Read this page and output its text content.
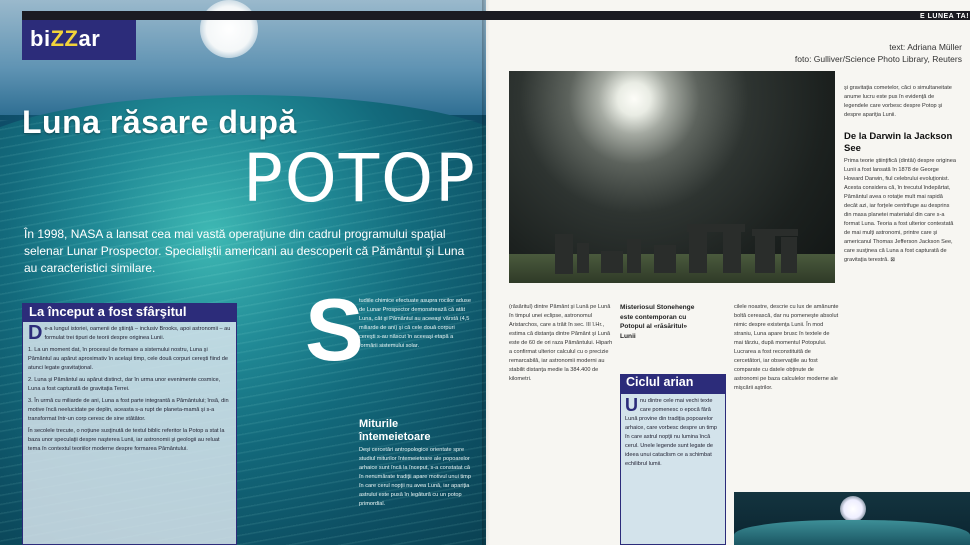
biZZar
Luna răsare după
POTOP
În 1998, NASA a lansat cea mai vastă operaţiune din cadrul programului spaţial selenar Lunar Prospector. Specialiştii americani au descoperit că Pământul şi Luna au caracteristici similare.
La început a fost sfârşitul
D e-a lungul istoriei, oamenii de ştiinţă – inclusiv Brooks, apoi astronomii – au formulat trei tipuri de teorii despre originea Lunii.

1. La un moment dat, în procesul de formare a sistemului nostru, Luna şi Pământul au apărut aproximativ în acelaşi timp, cele două corpuri cereşti fiind de atunci legate gravitaţional.

2. Luna şi Pământul au apărut distinct, dar în urma unor evenimente cosmice, Luna a fost capturată de gravitaţia Terrei.

3. În urmă cu miliarde de ani, Luna a fost parte integrantă a Pământului; însă, din motive încă neelucidate pe deplin, aceasta s-a rupt de planeta-mamă şi s-a transformat într-un corp ceresc de sine stătător.

În secolele trecute, o noţiune susţinută de textul biblic referitor la Potop a stat la baza unor speculaţii despre naşterea Lunii, iar astronomii şi geologii au reluat tema în contextul teoriilor moderne despre formarea Pământului.

S
tudiile chimice efectuate asupra rocilor aduse de Lunar Prospector demonstrează că atât Luna, cât şi Pământul au aceeaşi vârstă (4,5 miliarde de ani) şi că cele două corpuri cereşti s-au născut în aceeaşi etapă a formării sistemului solar.
Miturile întemeietoare
Deşi cercetări antropologice orientate spre studiul miturilor întemeietoare ale popoarelor arhaice sunt încă la început, s-a constatat că în nenumărate tradiţii apare motivul unui timp în care cerul nopţii nu avea Lună, iar apariţia astrului este pusă în legătură cu un potop primordial.
E LUNEA TA!
text: Adriana Müller
foto: Gulliver/Science Photo Library, Reuters
(răsăritul) dintre Pământ şi Lună pe Lună în timpul unei eclipse, astronomul Aristarchos, care a trăit în sec. III î.Hr., estima că distanţa dintre Pământ şi Lună este de 60 de ori raza Pământului. Hiparh a confirmat ulterior calculul cu o precizie remarcabilă, iar astronomii moderni au stabilit distanţa medie la 384.400 de kilometri.
Misteriosul Stonehenge este contemporan cu Potopul al «răsăritul» Lunii
Ciclul arian
U nu dintre cele mai vechi texte care pomenesc o epocă fără Lună provine din tradiţia popoarelor arhaice, care vorbesc despre un timp în care astrul nopţii nu lumina încă cerul. Unele legende sunt legate de ideea unui cataclism ce a schimbat echilibrul lumii.
cilele noastre, descrie cu lux de amănunte boltă cerească, dar nu pomeneşte absolut nimic despre existenţa Lunii. În mod straniu, Luna apare brusc în textele de mai târziu, după momentul Potopului. Lucrarea a fost reconstituită de cercetători, iar observaţiile au fost comparate cu datele obţinute de astronomi pe baza calculelor moderne ale mişcării aştrilor.
şi gravitaţia cometelor, căci o simultaneitate anume lucru este pus în evidenţă de legendele care vorbesc despre Potop şi despre apariţia Lunii.
De la Darwin la Jackson See
Prima teorie ştiinţifică (dintâi) despre originea Lunii a fost lansată în 1878 de George Howard Darwin, fiul celebrului evoluţionist. Acesta considera că, în trecutul îndepărtat, Pământul avea o rotaţie mult mai rapidă decât azi, iar forţele centrifuge au desprins din masa planetei materialul din care s-a format Luna. Teoria a fost ulterior contestată de mai mulţi astronomi, printre care şi americanul Thomas Jefferson Jackson See, care susţinea că Luna a fost capturată de gravitaţia terestră. ⊠
